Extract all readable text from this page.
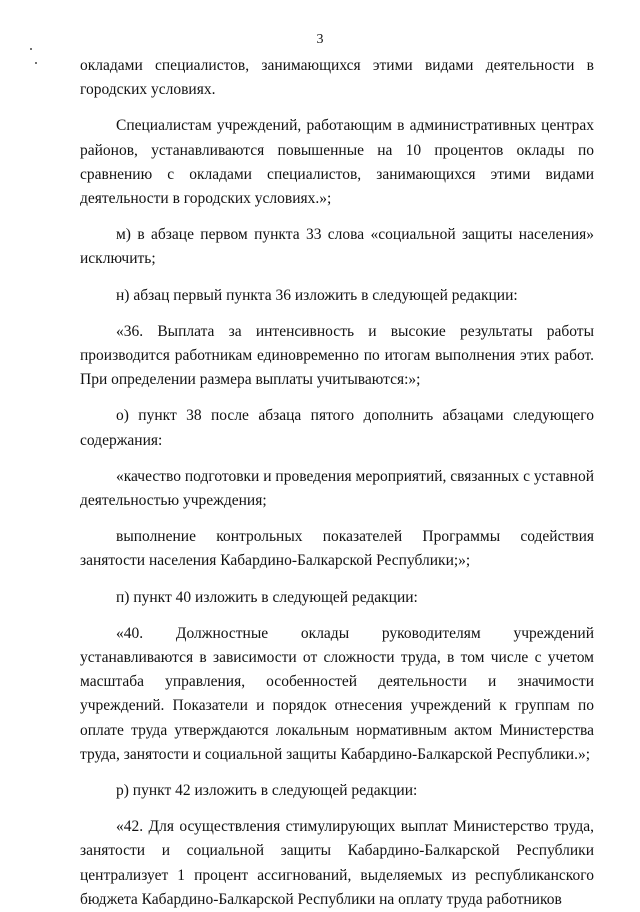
3

окладами специалистов, занимающихся этими видами деятельности в городских условиях.

Специалистам учреждений, работающим в административных центрах районов, устанавливаются повышенные на 10 процентов оклады по сравнению с окладами специалистов, занимающихся этими видами деятельности в городских условиях.»;

м) в абзаце первом пункта 33 слова «социальной защиты населения» исключить;

н) абзац первый пункта 36 изложить в следующей редакции:

«36. Выплата за интенсивность и высокие результаты работы производится работникам единовременно по итогам выполнения этих работ. При определении размера выплаты учитываются:»;

о) пункт 38 после абзаца пятого дополнить абзацами следующего содержания:

«качество подготовки и проведения мероприятий, связанных с уставной деятельностью учреждения;

выполнение контрольных показателей Программы содействия занятости населения Кабардино-Балкарской Республики;»;

п) пункт 40 изложить в следующей редакции:

«40. Должностные оклады руководителям учреждений устанавливаются в зависимости от сложности труда, в том числе с учетом масштаба управления, особенностей деятельности и значимости учреждений. Показатели и порядок отнесения учреждений к группам по оплате труда утверждаются локальным нормативным актом Министерства труда, занятости и социальной защиты Кабардино-Балкарской Республики.»;

р) пункт 42 изложить в следующей редакции:

«42. Для осуществления стимулирующих выплат Министерство труда, занятости и социальной защиты Кабардино-Балкарской Республики централизует 1 процент ассигнований, выделяемых из республиканского бюджета Кабардино-Балкарской Республики на оплату труда работников
